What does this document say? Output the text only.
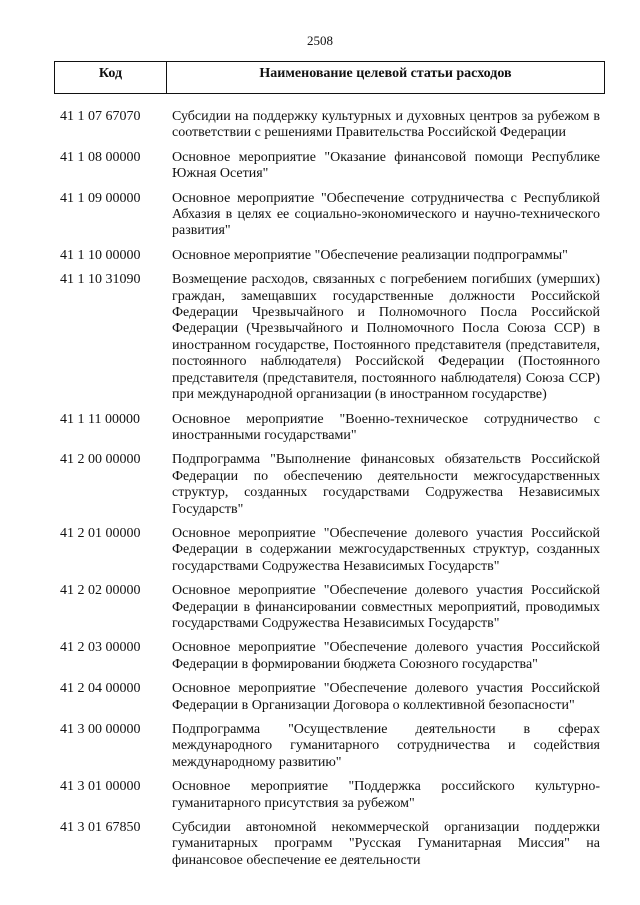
2508
Код	Наименование целевой статьи расходов
41 1 07 67070	Субсидии на поддержку культурных и духовных центров за рубежом в соответствии с решениями Правительства Российской Федерации
41 1 08 00000	Основное мероприятие "Оказание финансовой помощи Республике Южная Осетия"
41 1 09 00000	Основное мероприятие "Обеспечение сотрудничества с Республикой Абхазия в целях ее социально-экономического и научно-технического развития"
41 1 10 00000	Основное мероприятие "Обеспечение реализации подпрограммы"
41 1 10 31090	Возмещение расходов, связанных с погребением погибших (умерших) граждан, замещавших государственные должности Российской Федерации Чрезвычайного и Полномочного Посла Российской Федерации (Чрезвычайного и Полномочного Посла Союза ССР) в иностранном государстве, Постоянного представителя (представителя, постоянного наблюдателя) Российской Федерации (Постоянного представителя (представителя, постоянного наблюдателя) Союза ССР) при международной организации (в иностранном государстве)
41 1 11 00000	Основное мероприятие "Военно-техническое сотрудничество с иностранными государствами"
41 2 00 00000	Подпрограмма "Выполнение финансовых обязательств Российской Федерации по обеспечению деятельности межгосударственных структур, созданных государствами Содружества Независимых Государств"
41 2 01 00000	Основное мероприятие "Обеспечение долевого участия Российской Федерации в содержании межгосударственных структур, созданных государствами Содружества Независимых Государств"
41 2 02 00000	Основное мероприятие "Обеспечение долевого участия Российской Федерации в финансировании совместных мероприятий, проводимых государствами Содружества Независимых Государств"
41 2 03 00000	Основное мероприятие "Обеспечение долевого участия Российской Федерации в формировании бюджета Союзного государства"
41 2 04 00000	Основное мероприятие "Обеспечение долевого участия Российской Федерации в Организации Договора о коллективной безопасности"
41 3 00 00000	Подпрограмма "Осуществление деятельности в сферах международного гуманитарного сотрудничества и содействия международному развитию"
41 3 01 00000	Основное мероприятие "Поддержка российского культурно-гуманитарного присутствия за рубежом"
41 3 01 67850	Субсидии автономной некоммерческой организации поддержки гуманитарных программ "Русская Гуманитарная Миссия" на финансовое обеспечение ее деятельности
